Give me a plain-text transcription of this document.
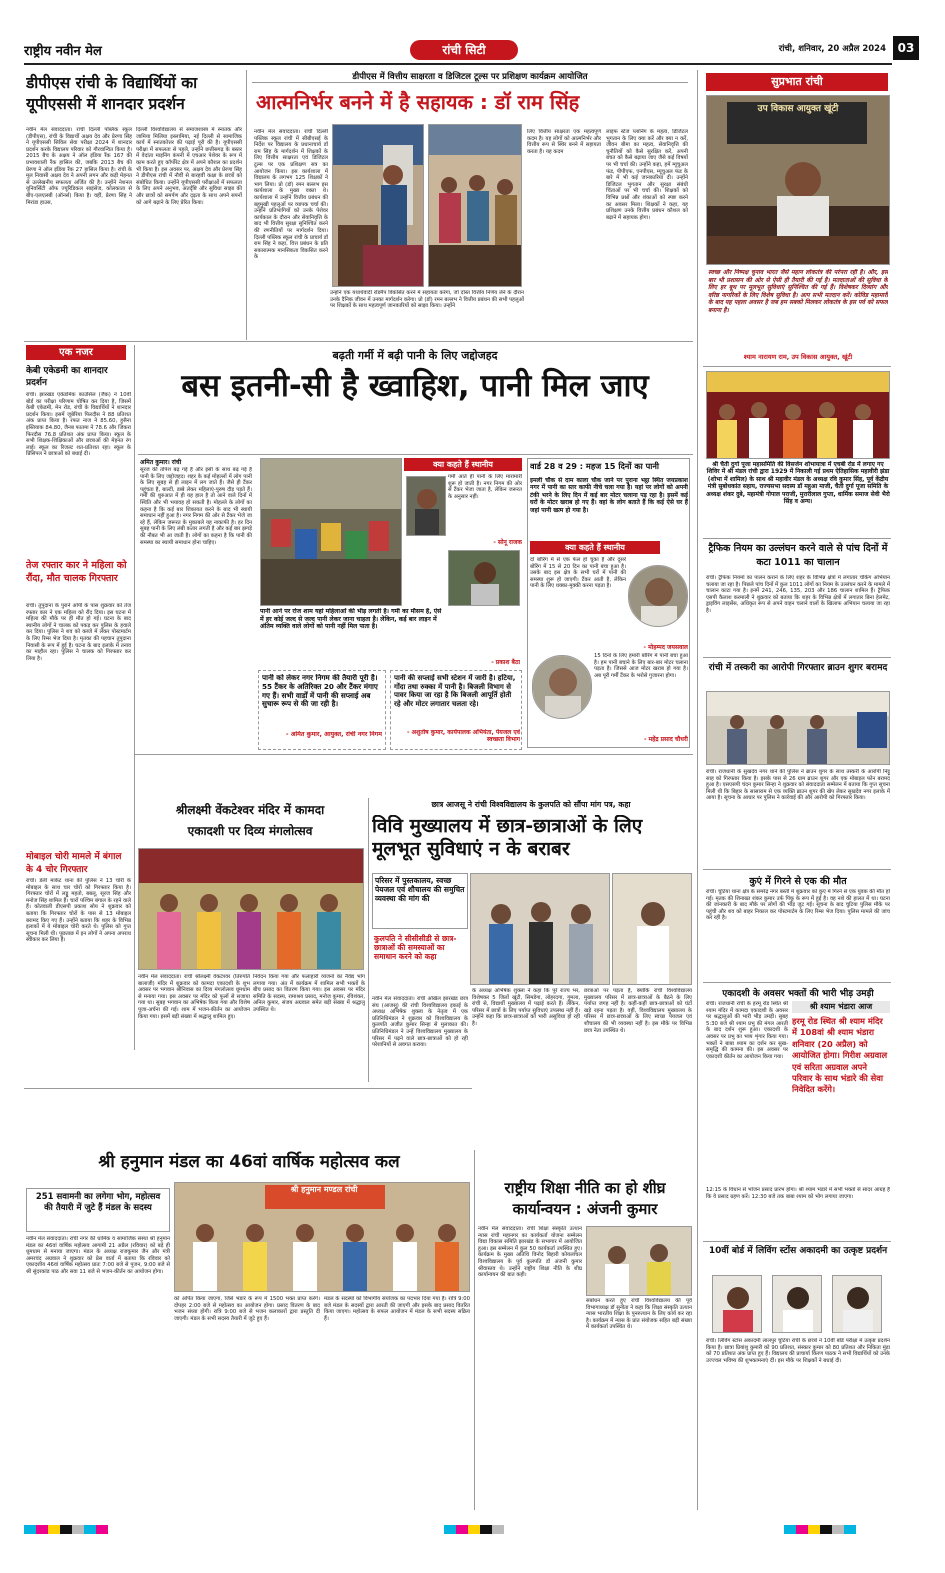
राष्ट्रीय नवीन मेल	रांची सिटी	रांची, शनिवार, 20 अप्रैल 2024 03
डीपीएस रांची के विद्यार्थियों का यूपीएससी में शानदार प्रदर्शन
नवीन मेल संवाददाता। रांची दिल्ली पब्लिक स्कूल (डीपीएस), रांची के विद्यार्थी अक्षय देव और प्रेरणा सिंह ने यूपीएससी सिविल सेवा परीक्षा 2024 में शानदार प्रदर्शन करके विद्यालय परिवार को गौरवान्वित किया है। 2015 बैच के अक्षय ने ऑल इंडिया रैंक 167 की प्रभावशाली रैंक हासिल की, जबकि 2013 बैच की प्रेरणा ने ऑल इंडिया रैंक 27 हासिल किया है। रांची के मूल निवासी अक्षय देव ने अपनी लगन और कड़ी मेहनत से उल्लेखनीय सफलता अर्जित की है। उन्होंने नेशनल यूनिवर्सिटी ऑफ ज्यूरिडिकल साइंसेज, कोलकाता से बीए-एलएलबी (ऑनर्स) किया है। वहीं, प्रेरणा सिंह ने मिरांडा हाउस,
दिल्ली विश्वविद्यालय से समाजशास्त्र में स्नातक और जामिया मिलिया इस्लामिया, नई दिल्ली से सामाजिक कार्य में स्नातकोत्तर की पढ़ाई पूरी की है। यूपीएससी परीक्षा में सफलता से पहले, उन्होंने छत्तीसगढ़ के बस्तर में वेदांता माइनिंग कंपनी में एचआर पेशेवर के रूप में काम करते हुए कॉर्पोरेट क्षेत्र में अपने कौशल का प्रदर्शन भी किया है। इस अवसर पर, अक्षय देव और प्रेरणा सिंह ने डीपीएस रांची में नौवीं से बारहवीं कक्षा के छात्रों को संबोधित किया। उन्होंने यूपीएससी परीक्षाओं में सफलता के लिए अपने अनुभव, अंतर्दृष्टि और सुविधा साझा की और छात्रों को समर्पण और दृढ़ता के साथ अपने सपनों को आगे बढ़ाने के लिए प्रेरित किया।
डीपीएस में वित्तीय साक्षरता व डिजिटल टूल्स पर प्रशिक्षण कार्यक्रम आयोजित
आत्मनिर्भर बनने में है सहायक : डॉ राम सिंह
नवीन मेल संवाददाता। रांची दिल्ली पब्लिक स्कूल रांची में सीबीएसई के निर्देश पर विद्यालय के प्रधानाचार्य डॉ राम सिंह के मार्गदर्शन में शिक्षकों के लिए वित्तीय साक्षरता एवं डिजिटल टूल्स पर एक प्रशिक्षण सत्र का आयोजन किया। इस कार्यशाला में विद्यालय के लगभग 125 शिक्षकों ने भाग लिया। प्रो (डॉ) रमन बल्लभ इस कार्यशाला के मुख्य वक्ता थे। कार्यशाला में उन्होंने वित्तीय प्रबंधन की बहुमुखी पहलुओं पर व्यापक चर्चा की। उन्होंने प्रतिभागियों को उनके पेशेवर कार्यकाल के दौरान और सेवानिवृत्ति के बाद भी वित्तीय सुरक्षा सुनिश्चित करने की रणनीतियों पर मार्गदर्शन दिया। दिल्ली पब्लिक स्कूल रांची के प्राचार्य डॉ राम सिंह ने कहा, वित्त प्रबंधन के प्रति सकारात्मक मानसिकता विकसित करने के
उन्होंने एक यथार्थवादी रोडमैप विकसित करने में सहायता करेगा, जो दोस्त वित्तीय निर्णय लेने के दौरान उनके दैनिक जीवन में उनका मार्गदर्शन करेगा। प्रो (डॉ) रमन बल्लभ ने वित्तीय प्रबंधन की सभी पहलुओं पर शिक्षकों के साथ महत्वपूर्ण जानकारियों को साझा किया। उन्होंने
लिए वित्तीय साक्षरता एक महत्वपूर्ण कदम है। यह लोगों को आत्मनिर्भर और वित्तीय रूप से स्थिर बनने में सहायता करता है। यह कदम
लाइफ स्टेज प्लानिंग के महत्व, डिजिटल भुगतान के लिए क्या करें और क्या न करें, जीवन बीमा का महत्व, सेवानिवृत्ति की चुनौतियों को कैसे सुरक्षित करें, अपनी बचत को कैसे बढ़ाया जाए जैसे कई विषयों पर भी चर्चा की। उन्होंने कहा, हमें म्यूचुअल फंड, पीपीएफ, एनपीएस, म्यूचुअल फंड के बारे में भी कई जानकारियां दी। उन्होंने डिजिटल भुगतान और सुरक्षा संबंधी चिंताओं पर भी चर्चा की। शिक्षकों को विभिन्न प्रश्नों और शंकाओं को स्पष्ट करने का अवसर मिला। शिक्षकों ने कहा, यह प्रशिक्षण उनके वित्तीय प्रबंधन कौशल को बढ़ाने में सहायक होगा।
सुप्रभात रांची
उप विकास आयुक्त खूंटी
स्वच्छ और निष्पक्ष चुनाव भारत जैसे महान लोकतंत्र की परंपरा रही है। और, इस बार भी प्रशासन की ओर से ऐसी ही तैयारी की गई है। मतदाताओं की सुविधा के लिए हर बूथ पर मूलभूत सुविधाएं सुनिश्चित की गई हैं। विशेषकर दिव्यांग और वरिष्ठ नागरिकों के लिए विशेष सुविधा है। आप सभी मतदान करें। कोविड महामारी के बाद यह पहला अवसर है जब हम सबको मिलकर लोकतंत्र के इस पर्व को सफल बनाना है।
श्याम नारायण राम, उप विकास आयुक्त, खूंटी
एक नजर
केबी एकेडमी का शानदार प्रदर्शन
रांची। झारखंड एकेडमिक काउंसिल (जैक) ने 10वीं बोर्ड का परीक्षा परिणाम घोषित कर दिया है, जिसमें केबी एकेडमी, मेन रोड, रांची के विद्यार्थियों ने शानदार प्रदर्शन किया। इसमें जूबेरिया फिरदौस ने 88 प्रतिशत अंक प्राप्त किया है। रफत नाज ने 85.60, हुसैना इस्तियाक 84.80, जैनब फातमा ने 78.6 और जिकरा फिरदौस 76.8 प्रतिशत अंक प्राप्त किया। स्कूल के सभी शिक्षक-शिक्षिकाओं और छात्राओं की मेहनत रंग लाई। स्कूल का रिजल्ट शत-प्रतिशत रहा। स्कूल के प्रिंसिपल ने छात्राओं को बधाई दी।
तेज रफ्तार कार ने महिला को रौंदा, मौत चालक गिरफ्तार
रांची। तुपुदाना के पुराने ओपी के पास शुक्रवार को तेज रफ्तार कार ने एक महिला को रौंद दिया। इस घटना में महिला की मौके पर ही मौत हो गई। घटना के बाद स्थानीय लोगों ने चालक को पकड़ कर पुलिस के हवाले कर दिया। पुलिस ने शव को कब्जे में लेकर पोस्टमार्टम के लिए रिम्स भेज दिया है। मृतका की पहचान तुपुदाना निवासी के रूप में हुई है। घटना के बाद इलाके में तनाव का माहौल रहा। पुलिस ने चालक को गिरफ्तार कर लिया है।
मोबाइल चोरी मामले में बंगाल के 4 चोर गिरफ्तार
रांची। डेली मार्केट थाना की पुलिस ने 13 चोरी के मोबाइल के साथ चार चोरों को गिरफ्तार किया है। गिरफ्तार चोरों में लड्डू महतो, बबलू, सूरज सिंह और मनोज सिंह शामिल हैं। चारों पश्चिम बंगाल के रहने वाले हैं। कोतवाली डीएसपी प्रकाश सोय ने शुक्रवार को बताया कि गिरफ्तार चोरों के पास से 13 मोबाइल बरामद किए गए हैं। उन्होंने बताया कि शहर के विभिन्न इलाकों में ये मोबाइल चोरी करते थे। पुलिस को गुप्त सूचना मिली थी। पूछताछ में इन लोगों ने अपना अपराध स्वीकार कर लिया है।
बढ़ती गर्मी में बढ़ी पानी के लिए जद्दोजहद
बस इतनी-सी है ख्वाहिश, पानी मिल जाए
अमित कुमार। रांची
सूरज की तपिश बढ़ गई है और इसी के साथ बढ़ गई है पानी के लिए जद्दोजहद। शहर के कई मोहल्लों में लोग पानी के लिए सुबह से ही लाइन में लग जाते हैं। जैसे ही टैंकर पहुंचता है, बाल्टी, डब्बे लेकर महिलाएं-पुरुष दौड़ पड़ते हैं। गर्मी की शुरुआत में ही यह हाल है तो आने वाले दिनों में स्थिति और भी भयावह हो सकती है। मोहल्ले के लोगों का कहना है कि कई बार शिकायत करने के बाद भी स्थायी समाधान नहीं हुआ है। नगर निगम की ओर से टैंकर भेजे जा रहे हैं, लेकिन जरूरत के मुकाबले यह नाकाफी है। हर दिन सुबह पानी के लिए लंबी कतार लगती है और कई बार झगड़े की नौबत भी आ जाती है। लोगों का कहना है कि पानी की समस्या का स्थायी समाधान होना चाहिए।
क्या कहते हैं स्थानीय
गर्मी आते ही पानी के लिए मारामारी शुरू हो जाती है। नगर निगम की ओर से टैंकर भेजा जाता है, लेकिन जरूरत के अनुसार नहीं।
- सोनू राजक
पानी आने पर रोज शाम यहां महिलाओं की भीड़ लगती है। गर्मी का मौसम है, ऐसे में हर कोई जल्द से जल्द पानी लेकर जाना चाहता है। लेकिन, कई बार लाइन में अंतिम व्यक्ति वाले लोगों को पानी नहीं मिल पाता है।
- प्रकाश बैठा
पानी को लेकर नगर निगम की तैयारी पूरी है। 55 टैंकर के अतिरिक्त 20 और टैंकर मंगाए गए हैं। सभी वार्डों में पानी की सप्लाई अब सुचारू रूप से की जा रही है।
- अमित कुमार, आयुक्त, रांची नगर निगम
पानी की सप्लाई सभी स्टेशन में जारी है। हटिया, गोंदा तथा रुक्का में पानी है। बिजली विभाग से पावर किया जा रहा है कि बिजली आपूर्ति होती रहे और मोटर लगातार चलता रहे।
- अशुतोष कुमार, कार्यपालक अभियंता, पेयजल एवं स्वच्छता विभाग
वार्ड 28 व 29 : महज 15 दिनों का पानी
इमली चौक से दाम काला चौक जाने पर पुराना भट्ठा स्थित जयप्रकाश नगर में पानी का स्तर काफी नीचे चला गया है। यहां पर लोगों को अपनी टंकी भरने के लिए दिन में कई बार मोटर चलाना पड़ रहा है। इसमें कई घरों के मोटर खराब हो गए हैं। वहां के लोग बताते हैं कि कई ऐसे घर हैं जहां पानी खत्म हो गया है।
क्या कहते हैं स्थानीय
दो बोरिंग में से एक फेल हो चुका है और दूसरे बोरिंग में 15 से 20 दिन का पानी बचा हुआ है। उसके बाद इस क्षेत्र के सभी घरों में पानी की समस्या शुरू हो जाएगी। टैंकर आती है, लेकिन पानी के लिए धक्का-मुक्की करना पड़ता है।
- मोहम्मद जयसवाल
15 दिनों के लिए हमारी बोरिंग में पानी बचा हुआ है। हम पानी बचाने के लिए बार-बार मोटर चलाना पड़ता है। जिससे आज मोटर खराब हो गया है। अब पूरी गर्मी टैंकर के भरोसे गुजारना होगा।
- महेंद्र प्रसाद चौधरी
श्री चैती दुर्गा पूजा महासमिति की विसर्जन शोभायात्रा में एचबी रोड में लगाए गए शिविर में श्री मंडल रांची द्वारा 1929 में निकाली गई प्रथम ऐतिहासिक महावीरी झंडा (शोभा में शामिल) के साथ श्री महावीर मंडल के अध्यक्ष रवि कुमार सिंह, पूर्व केंद्रीय मंत्री सुबोधकांत सहाय, राज्यसभा सदस्य डॉ महुआ माजी, चैती दुर्गा पूजा समिति के अध्यक्ष शंकर दुबे, महामंत्री गोपाल पराजी, मुरारीलाल गुप्ता, धार्मिक समाज सेवी भैरो सिंह व अन्य।
ट्रैफिक नियम का उल्लंघन करने वाले से पांच दिनों में कटा 1011 का चालान
रांची। ट्रैफिक नियमों का पालन कराने के लिए शहर के विभिन्न क्षेत्रों में लगातार चेकिंग अभियान चलाया जा रहा है। पिछले पांच दिनों में कुल 1011 लोगों का नियम के उल्लंघन करने के मामले में चालान काटा गया है। इनमें 241, 246, 135, 203 और 186 चालान शामिल हैं। ट्रैफिक एसपी कैलाश करमाली ने शुक्रवार को बताया कि शहर के विभिन्न क्षेत्रों में लगातार बिना हेलमेट, ड्राइविंग लाइसेंस, अधिकृत रूप से अपने वाहन चलाने वालों के खिलाफ अभियान चलाया जा रहा है।
रांची में तस्करी का आरोपी गिरफ्तार ब्राउन शुगर बरामद
रांची। राजधानी के सुखदेव नगर थाने की पुलिस ने ब्राउन शुगर के साथ तस्करी के आरोपी निट्टू साह को गिरफ्तार किया है। इसके पास से 26 ग्राम ब्राउन शुगर और एक मोबाइल फोन बरामद हुआ है। एसएसपी चंदन कुमार सिन्हा ने शुक्रवार को संवाददाता सम्मेलन में बताया कि गुप्त सूचना मिली थी कि बिहार के सासाराम से एक व्यक्ति ब्राउन शुगर की खेप लेकर सुखदेव नगर इलाके में आया है। सूचना के आधार पर पुलिस ने कार्रवाई की और आरोपी को गिरफ्तार किया।
कुएं में गिरने से एक की मौत
रांची। चुटिया थाना क्षेत्र के समरेंद्र नगर बस्ती में शुक्रवार को कुएं में गिरने से एक युवक की मौत हो गई। मृतक की शिनाख्त शंकर कुमार उर्फ पिंकू के रूप में हुई है। वह नशे की हालत में था। घटना की जानकारी के बाद मौके पर लोगों की भीड़ जुट गई। सूचना के बाद चुटिया पुलिस मौके पर पहुंची और शव को बाहर निकाल कर पोस्टमार्टम के लिए रिम्स भेज दिया। पुलिस मामले की जांच कर रही है।
एकादशी के अवसर भक्तों की भारी भीड़ उमड़ी
रांची। राजधानी रांची के हरमू रोड स्थित श्री श्याम मंदिर में कामदा एकादशी के अवसर पर श्रद्धालुओं की भारी भीड़ उमड़ी। सुबह 5:30 बजे श्री श्याम प्रभु की मंगल आरती के बाद दर्शन शुरू हुआ। एकादशी के अवसर पर प्रभु का भव्य शृंगार किया गया। भक्तों ने बाबा श्याम का दर्शन कर सुख-समृद्धि की कामना की। इस अवसर पर एकादशी कीर्तन का आयोजन किया गया।
श्री श्याम भंडारा आज
हरमू रोड स्थित श्री श्याम मंदिर में 108वां श्री श्याम भंडारा शनिवार (20 अप्रैल) को आयोजित होगा। गिरीश अग्रवाल एवं सरिता अग्रवाल अपने परिवार के साथ भंडारे की सेवा निवेदित करेंगे।
12:15 के विधान से भोजन प्रसाद प्रारंभ होगा। श्री श्याम भंडारे में सभी भक्तों से सादर आग्रह है कि वे प्रसाद ग्रहण करें। 12:30 बजे तक बाबा श्याम को भोग लगाया जाएगा।
10वीं बोर्ड में लिविंग स्टोंस अकादमी का उत्कृष्ट प्रदर्शन
रांची। लिविंग स्टोंस अकादमी लालपुर चुटिया रांची के छात्रों ने 10वीं बोर्ड परीक्षा में उत्कृष्ट प्रदर्शन किया है। छात्रा प्रियांशु कुमारी को 90 प्रतिशत, संस्कार कुमार को 80 प्रतिशत और निकिता मुंडा को 70 प्रतिशत अंक प्राप्त हुए हैं। विद्यालय की प्राचार्या किरण पाठक ने सभी विद्यार्थियों को उनके उज्ज्वल भविष्य की शुभकामनाएं दीं। इस मौके पर शिक्षकों ने बधाई दी।
श्रीलक्ष्मी वेंकटेश्वर मंदिर में कामदा
एकादशी पर दिव्य मंगलोत्सव
नवीन मेल संवाददाता। रांची श्रीलक्ष्मी वेंकटेश्वर (तिरुपति बालाजी) मंदिर में शुक्रवार को कामदा एकादशी के शुभ अवसर पर भगवान श्रीनिवास का दिव्य मंगलोत्सव धूमधाम से मनाया गया। इस अवसर पर मंदिर को फूलों से सजाया गया था। सुबह भगवान का अभिषेक किया गया और विशेष पूजा-अर्चना की गई। शाम में भजन-कीर्तन का आयोजन किया गया। इसमें बड़ी संख्या में श्रद्धालु शामिल हुए।
निवेदन किया गया और फलाहारी व्यंजनों का नैवेद्य भोग लगाया गया। अंत में कार्यक्रम में शामिल सभी भक्तों के बीच प्रसाद का वितरण किया गया। इस अवसर पर मंदिर समिति के सदस्य, रामाश्रय प्रसाद, मनोज कुमार, रविशंकर, अनिल कुमार, संजय अग्रवाल समेत बड़ी संख्या में श्रद्धालु उपस्थित थे।
छात्र आजसू ने रांची विश्वविद्यालय के कुलपति को सौंपा मांग पत्र, कहा
विवि मुख्यालय में छात्र-छात्राओं के लिए मूलभूत सुविधाएं न के बराबर
परिसर में पुस्तकालय, स्वच्छ पेयजल एवं शौचालय की समुचित व्यवस्था की मांग की
कुलपति ने सीसीसीडी से छात्र-छात्राओं की समस्याओं का समाधान करने को कहा
नवीन मेल संवाददाता। रांची अखिल झारखंड छात्र संघ (आजसू) की रांची विश्वविद्यालय इकाई के अध्यक्ष अभिषेक शुक्ला के नेतृत्व में एक प्रतिनिधिमंडल ने शुक्रवार को विश्वविद्यालय के कुलपति अजीत कुमार सिन्हा से मुलाकात की। प्रतिनिधिमंडल ने उन्हें विश्वविद्यालय मुख्यालय के परिसर में पढ़ने वाले छात्र-छात्राओं को हो रही परेशानियों से अवगत कराया।
के अध्यक्ष अभिषेक शुक्ला ने कहा कि पूरे राज्य भर, विशेषकर 5 जिलों खूंटी, सिमडेगा, लोहरदगा, गुमला, रांची से, विद्यार्थी मुख्यालय में पढ़ाई करते हैं। लेकिन, परिसर में छात्रों के लिए पर्याप्त सुविधाएं उपलब्ध नहीं हैं। उन्होंने कहा कि छात्र-छात्राओं को भारी असुविधा हो रही है।
छात्राओं पर पड़ता है, क्योंकि रांची विश्वविद्यालय मुख्यालय परिसर में छात्र-छात्राओं के बैठने के लिए पर्याप्त जगह नहीं है। कहीं-कहीं छात्र-छात्राओं को घंटों खड़े रहना पड़ता है। वहीं, विश्वविद्यालय मुख्यालय के परिसर में छात्र-छात्राओं के लिए स्वच्छ पेयजल एवं शौचालय की भी व्यवस्था नहीं है। इस मौके पर विभिन्न छात्र नेता उपस्थित थे।
श्री हनुमान मंडल का 46वां वार्षिक महोत्सव कल
251 सवामनी का लगेगा भोग, महोत्सव की तैयारी में जुटे हैं मंडल के सदस्य
श्री हनुमान मण्डल रांची
नवीन मेल संवाददाता। रांची नगर की धार्मिक व सामाजिक संस्था श्री हनुमान मंडल का 46वां वार्षिक महोत्सव आगामी 21 अप्रैल (रविवार) को बड़े ही धूमधाम से मनाया जाएगा। मंडल के अध्यक्ष राजकुमार जैन और मंत्री अमरचंद अग्रवाल ने शुक्रवार को प्रेस वार्ता में बताया कि रविवार को एकादशीय 46वां वार्षिक महोत्सव प्रातः 7:00 बजे से पूजन, 9:00 बजे से श्री सुंदरकांड पाठ और सवा 11 बजे से भजन-कीर्तन का आयोजन होगा।
को अर्पित किया जाएगा, जिसे भंडारे के रूप में 1500 भक्त प्राप्त करेंगे। दोपहर 2:00 बजे से महोत्सव का आयोजन होगा। प्रसाद वितरण के बाद भजन संध्या होगी। रात्रि 9:00 बजे से भजन कलाकारों द्वारा प्रस्तुति दी जाएगी। मंडल के सभी सदस्य तैयारी में जुटे हुए हैं।
मंडल के सदस्यों को विभागीय संयोजक का पदभार दिया गया है। रात्रि 9:00 बजे मंडल के सदस्यों द्वारा आरती की जाएगी और इसके बाद प्रसाद वितरित किया जाएगा। महोत्सव के सफल आयोजन में मंडल के सभी सदस्य सक्रिय हैं।
राष्ट्रीय शिक्षा नीति का हो शीघ्र कार्यान्वयन : अंजनी कुमार
नवीन मेल संवाददाता। रांची शिक्षा संस्कृति उत्थान न्यास रांची महानगर का कार्यकर्ता योजना सम्मेलन विद्या विकास समिति झारखंड के सभागार में आयोजित हुआ। इस सम्मेलन में कुल 50 कार्यकर्ता उपस्थित हुए। कार्यक्रम के मुख्य अतिथि विनोद बिहारी कोयलांचल विश्वविद्यालय के पूर्व कुलपति डॉ अंजनी कुमार श्रीवास्तव थे। उन्होंने राष्ट्रीय शिक्षा नीति के शीघ्र कार्यान्वयन की बात कही।
संबोधन करते हुए रांची विश्वविद्यालय की पूर्व विभागाध्यक्ष डॉ सुनीता ने कहा कि शिक्षा संस्कृति उत्थान न्यास भारतीय शिक्षा के पुनरुत्थान के लिए कार्य कर रहा है। कार्यक्रम में न्यास के प्रांत संयोजक सहित बड़ी संख्या में कार्यकर्ता उपस्थित थे।
